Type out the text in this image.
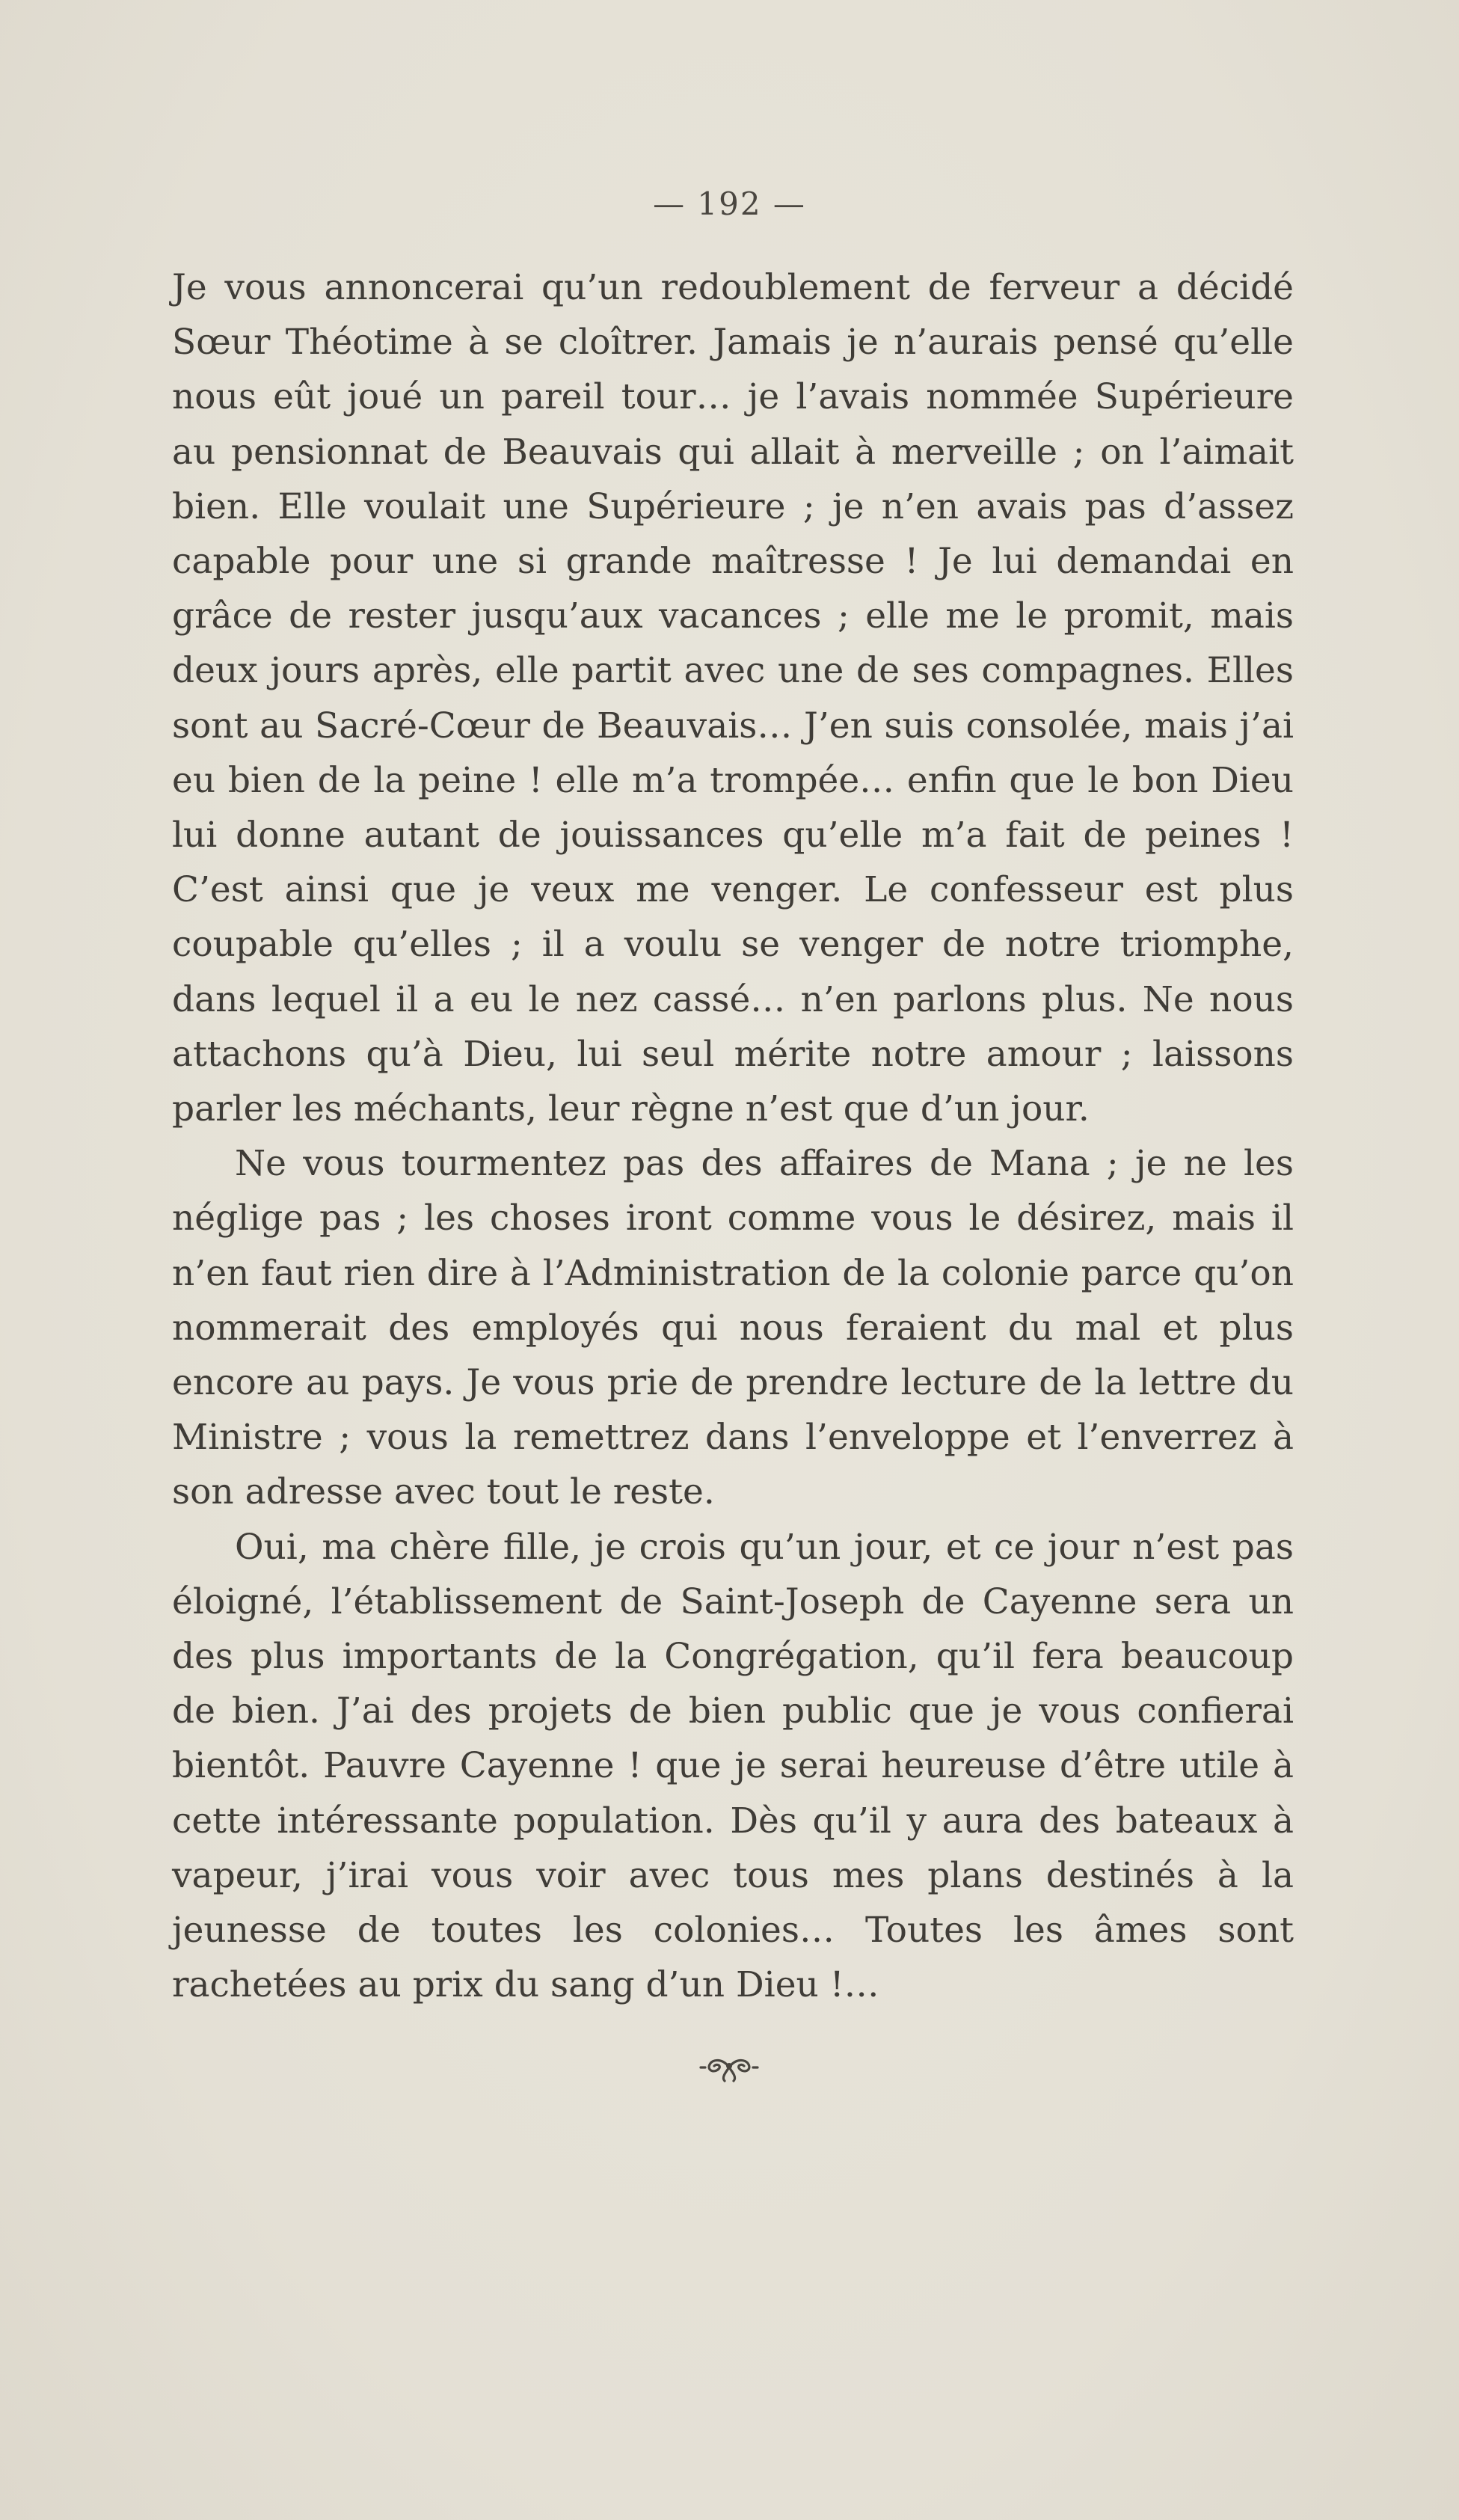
— 192 —

Je vous annoncerai qu’un redoublement de ferveur a décidé Sœur Théotime à se cloîtrer. Jamais je n’aurais pensé qu’elle nous eût joué un pareil tour… je l’avais nommée Supérieure au pensionnat de Beauvais qui allait à merveille ; on l’aimait bien. Elle voulait une Supérieure ; je n’en avais pas d’assez capable pour une si grande maîtresse ! Je lui demandai en grâce de rester jusqu’aux vacances ; elle me le promit, mais deux jours après, elle partit avec une de ses compagnes. Elles sont au Sacré-Cœur de Beauvais… J’en suis consolée, mais j’ai eu bien de la peine ! elle m’a trompée… enfin que le bon Dieu lui donne autant de jouissances qu’elle m’a fait de peines ! C’est ainsi que je veux me venger. Le confesseur est plus coupable qu’elles ; il a voulu se venger de notre triomphe, dans lequel il a eu le nez cassé… n’en parlons plus. Ne nous attachons qu’à Dieu, lui seul mérite notre amour ; laissons parler les méchants, leur règne n’est que d’un jour.

Ne vous tourmentez pas des affaires de Mana ; je ne les néglige pas ; les choses iront comme vous le désirez, mais il n’en faut rien dire à l’Administration de la colonie parce qu’on nommerait des employés qui nous feraient du mal et plus encore au pays. Je vous prie de prendre lecture de la lettre du Ministre ; vous la remettrez dans l’enveloppe et l’enverrez à son adresse avec tout le reste.

Oui, ma chère fille, je crois qu’un jour, et ce jour n’est pas éloigné, l’établissement de Saint-Joseph de Cayenne sera un des plus importants de la Congrégation, qu’il fera beaucoup de bien. J’ai des projets de bien public que je vous confierai bientôt. Pauvre Cayenne ! que je serai heureuse d’être utile à cette intéressante population. Dès qu’il y aura des bateaux à vapeur, j’irai vous voir avec tous mes plans destinés à la jeunesse de toutes les colonies… Toutes les âmes sont rachetées au prix du sang d’un Dieu !…
